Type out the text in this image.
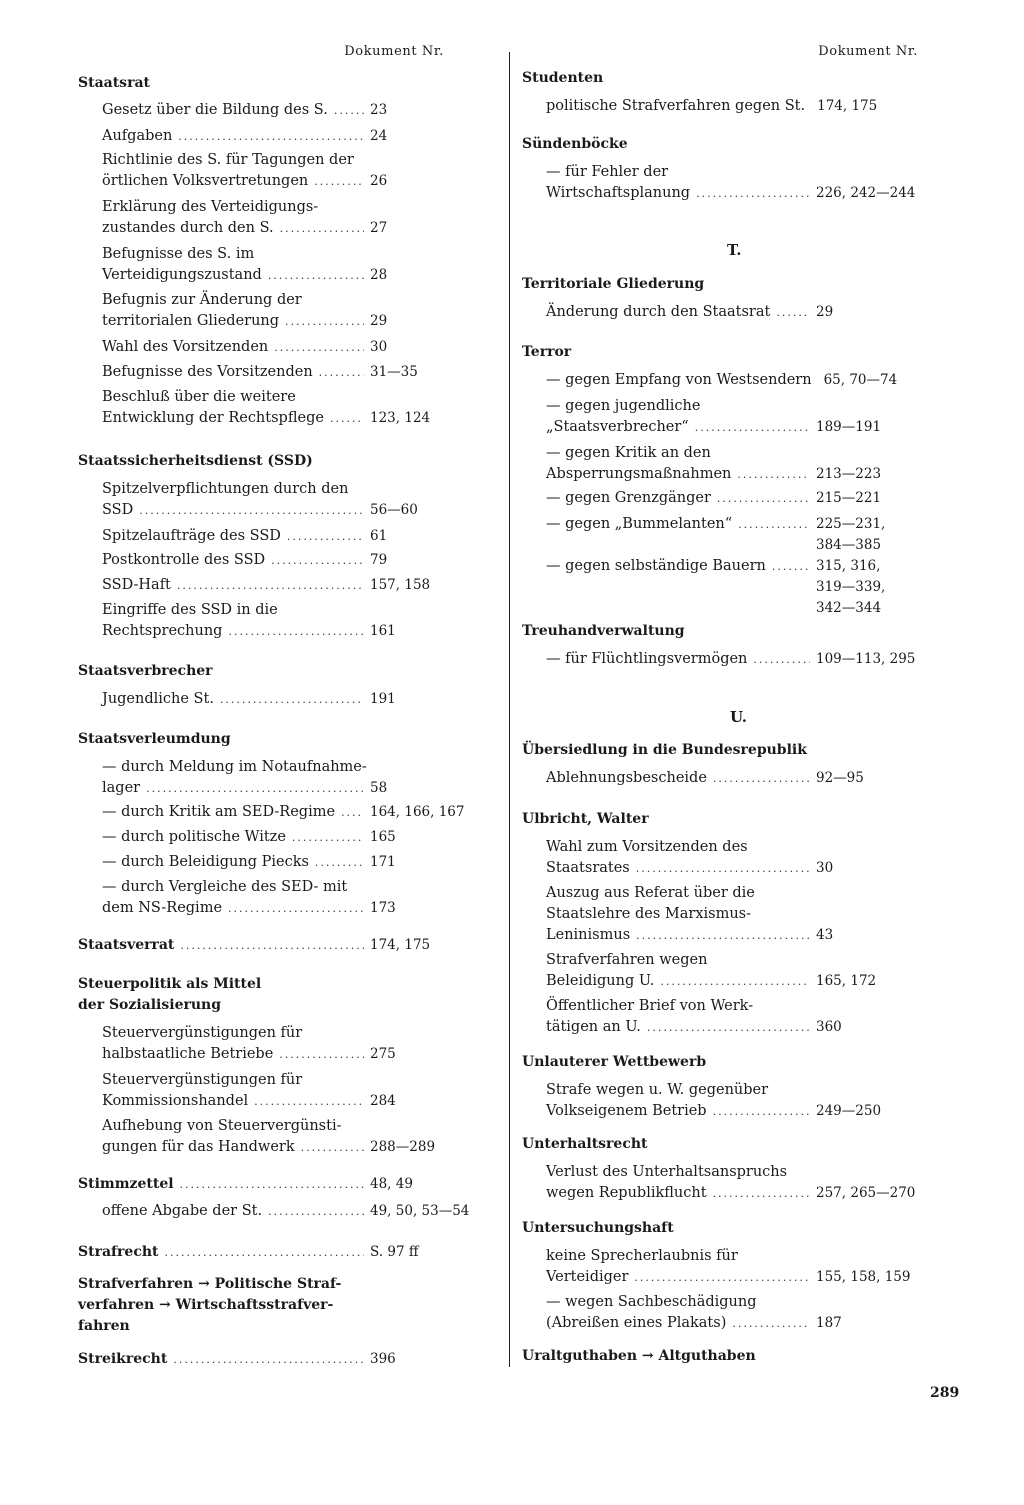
Dokument Nr.
Staatsrat
Gesetz über die Bildung des S. .....	23
Aufgaben .....	24
Richtlinie des S. für Tagungen der
örtlichen Volksvertretungen .....	26
Erklärung des Verteidigungs-
zustandes durch den S. .....	27
Befugnisse des S. im
Verteidigungszustand .....	28
Befugnis zur Änderung der
territorialen Gliederung .....	29
Wahl des Vorsitzenden .....	30
Befugnisse des Vorsitzenden .....	31—35
Beschluß über die weitere
Entwicklung der Rechtspflege .....	123, 124
Staatssicherheitsdienst (SSD)
Spitzelverpflichtungen durch den
SSD .....	56—60
Spitzelaufträge des SSD .....	61
Postkontrolle des SSD .....	79
SSD-Haft .....	157, 158
Eingriffe des SSD in die
Rechtsprechung .....	161
Staatsverbrecher
Jugendliche St. .....	191
Staatsverleumdung
— durch Meldung im Notaufnahme-
lager .....	58
— durch Kritik am SED-Regime .....	164, 166, 167
— durch politische Witze .....	165
— durch Beleidigung Piecks .....	171
— durch Vergleiche des SED- mit
dem NS-Regime .....	173
Staatsverrat .....	174, 175
Steuerpolitik als Mittel
der Sozialisierung
Steuervergünstigungen für
halbstaatliche Betriebe .....	275
Steuervergünstigungen für
Kommissionshandel .....	284
Aufhebung von Steuervergünsti-
gungen für das Handwerk .....	288—289
Stimmzettel .....	48, 49
offene Abgabe der St. .....	49, 50, 53—54
Strafrecht .....	S. 97 ff
Strafverfahren → Politische Straf-
verfahren → Wirtschaftsstrafver-
fahren
Streikrecht .....	396
Dokument Nr.
Studenten
politische Strafverfahren gegen St. 174, 175
Sündenböcke
— für Fehler der
Wirtschaftsplanung .....	226, 242—244
T.
Territoriale Gliederung
Änderung durch den Staatsrat .....	29
Terror
— gegen Empfang von Westsendern 65, 70—74
— gegen jugendliche
„Staatsverbrecher“ .....	189—191
— gegen Kritik an den
Absperrungsmaßnahmen .....	213—223
— gegen Grenzgänger .....	215—221
— gegen „Bummelanten“ .....	225—231,
384—385
— gegen selbständige Bauern .....	315, 316,
319—339,
342—344
Treuhandverwaltung
— für Flüchtlingsvermögen .....	109—113, 295
U.
Übersiedlung in die Bundesrepublik
Ablehnungsbescheide .....	92—95
Ulbricht, Walter
Wahl zum Vorsitzenden des
Staatsrates .....	30
Auszug aus Referat über die
Staatslehre des Marxismus-
Leninismus .....	43
Strafverfahren wegen
Beleidigung U. .....	165, 172
Öffentlicher Brief von Werk-
tätigen an U. .....	360
Unlauterer Wettbewerb
Strafe wegen u. W. gegenüber
Volkseigenem Betrieb .....	249—250
Unterhaltsrecht
Verlust des Unterhaltsanspruchs
wegen Republikflucht .....	257, 265—270
Untersuchungshaft
keine Sprecherlaubnis für
Verteidiger .....	155, 158, 159
— wegen Sachbeschädigung
(Abreißen eines Plakats) .....	187
Uraltguthaben → Altguthaben
289
